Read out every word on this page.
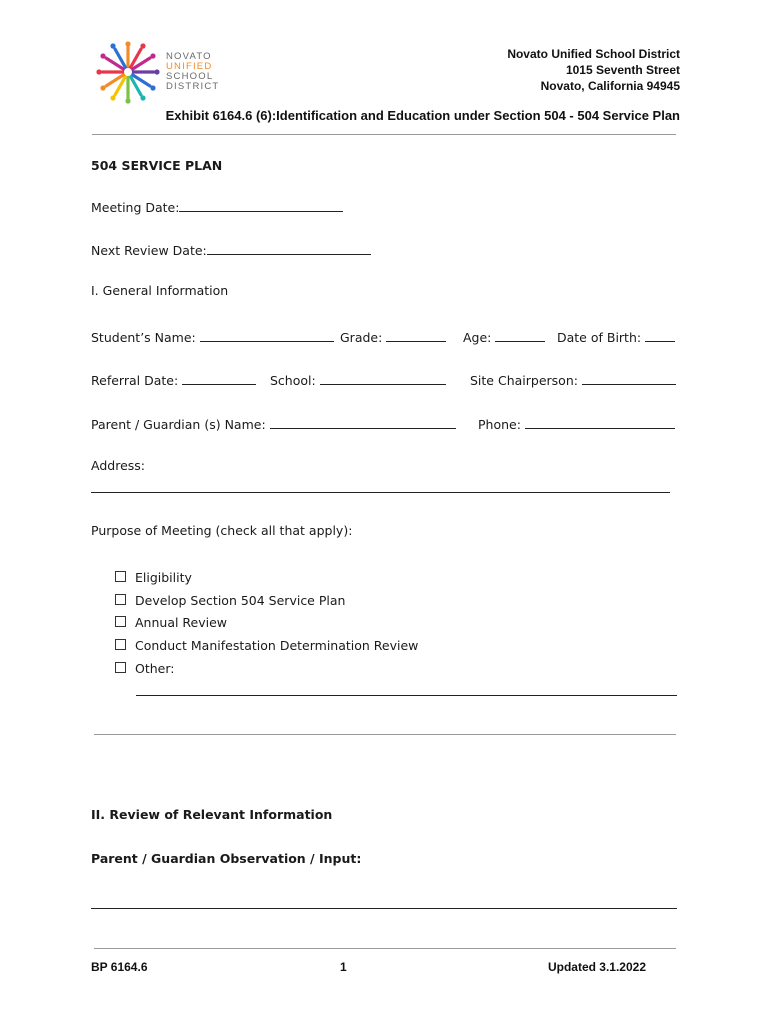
NOVATO
UNIFIED
SCHOOL
DISTRICT
Novato Unified School District
1015 Seventh Street
Novato, California 94945
Exhibit 6164.6 (6):Identification and Education under Section 504 - 504 Service Plan
504 SERVICE PLAN
Meeting Date:
Next Review Date:
I. General Information
Student’s Name:	Grade:	Age:	Date of Birth:
Referral Date:	School:	Site Chairperson:
Parent / Guardian (s) Name:	Phone:
Address:
Purpose of Meeting (check all that apply):
Eligibility
Develop Section 504 Service Plan
Annual Review
Conduct Manifestation Determination Review
Other:
II. Review of Relevant Information
Parent / Guardian Observation / Input:
BP 6164.6	1	Updated 3.1.2022
